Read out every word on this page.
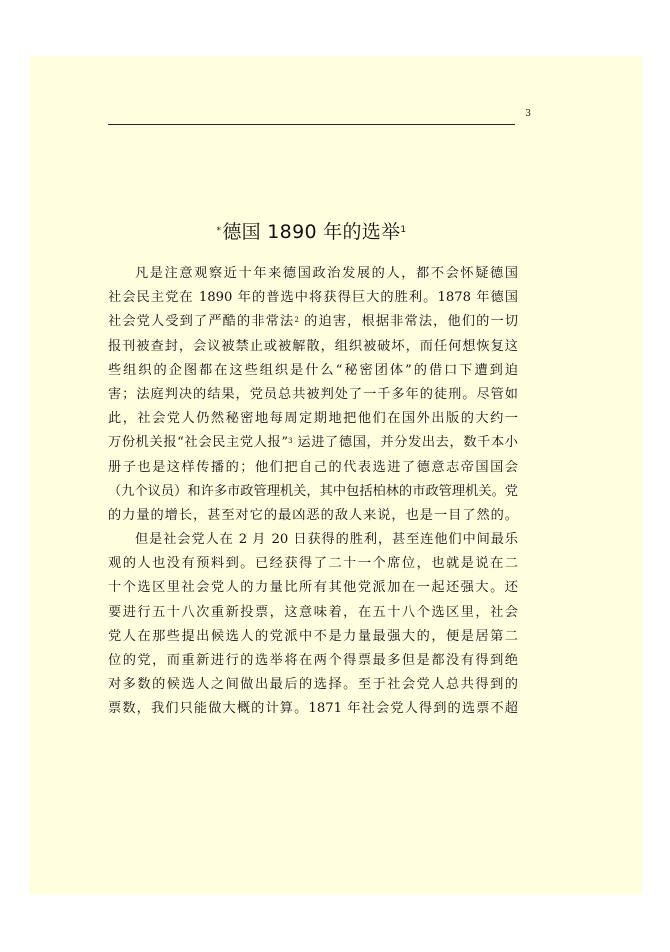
3
*德国 1890 年的选举$^1$
凡是注意观察近十年来德国政治发展的人，都不会怀疑德国
社会民主党在 1890 年的普选中将获得巨大的胜利。1878 年德国
社会党人受到了严酷的非常法$^2$ 的迫害，根据非常法，他们的一切
报刊被查封，会议被禁止或被解散，组织被破坏，而任何想恢复这
些组织的企图都在这些组织是什么“秘密团体”的借口下遭到迫
害；法庭判决的结果，党员总共被判处了一千多年的徒刑。尽管如
此，社会党人仍然秘密地每周定期地把他们在国外出版的大约一
万份机关报“社会民主党人报”$^3$ 运进了德国，并分发出去，数千本小
册子也是这样传播的；他们把自己的代表选进了德意志帝国国会
（九个议员）和许多市政管理机关，其中包括柏林的市政管理机关。党
的力量的增长，甚至对它的最凶恶的敌人来说，也是一目了然的。
但是社会党人在 2 月 20 日获得的胜利，甚至连他们中间最乐
观的人也没有预料到。已经获得了二十一个席位，也就是说在二
十个选区里社会党人的力量比所有其他党派加在一起还强大。还
要进行五十八次重新投票，这意味着，在五十八个选区里，社会
党人在那些提出候选人的党派中不是力量最强大的，便是居第二
位的党，而重新进行的选举将在两个得票最多但是都没有得到绝
对多数的候选人之间做出最后的选择。至于社会党人总共得到的
票数，我们只能做大概的计算。1871 年社会党人得到的选票不超
